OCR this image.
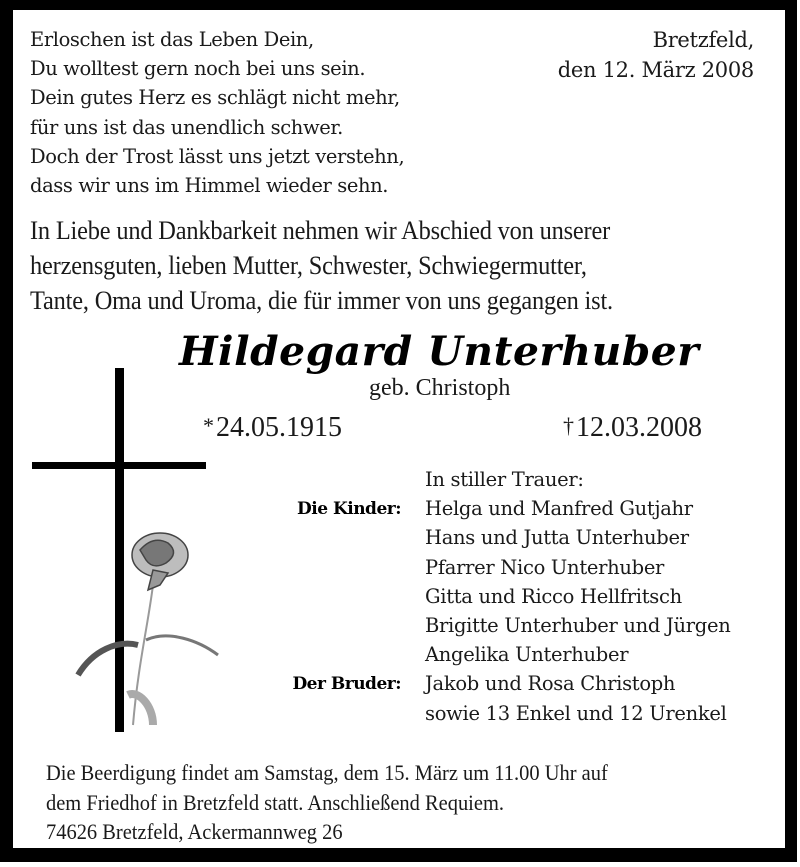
Erloschen ist das Leben Dein,
Du wolltest gern noch bei uns sein.
Dein gutes Herz es schlägt nicht mehr,
für uns ist das unendlich schwer.
Doch der Trost lässt uns jetzt verstehn,
dass wir uns im Himmel wieder sehn.
Bretzfeld,
den 12. März 2008
In Liebe und Dankbarkeit nehmen wir Abschied von unserer
herzensguten, lieben Mutter, Schwester, Schwiegermutter,
Tante, Oma und Uroma, die für immer von uns gegangen ist.
Hildegard Unterhuber
geb. Christoph
*24.05.1915	†12.03.2008
In stiller Trauer:
Die Kinder: Helga und Manfred Gutjahr
Hans und Jutta Unterhuber
Pfarrer Nico Unterhuber
Gitta und Ricco Hellfritsch
Brigitte Unterhuber und Jürgen
Angelika Unterhuber
Der Bruder: Jakob und Rosa Christoph
sowie 13 Enkel und 12 Urenkel
Die Beerdigung findet am Samstag, dem 15. März um 11.00 Uhr auf
dem Friedhof in Bretzfeld statt. Anschließend Requiem.
74626 Bretzfeld, Ackermannweg 26
